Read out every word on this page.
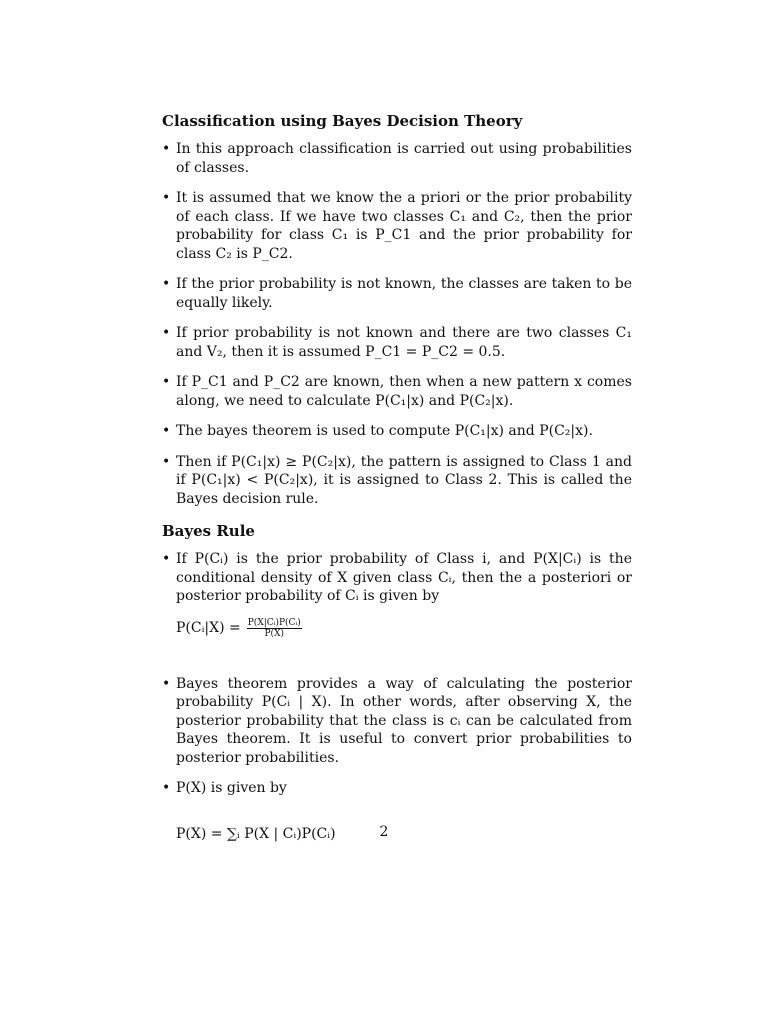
Classification using Bayes Decision Theory
• In this approach classification is carried out using probabilities of classes.
• It is assumed that we know the a priori or the prior probability of each class. If we have two classes C₁ and C₂, then the prior probability for class C₁ is P_C1 and the prior probability for class C₂ is P_C2.
• If the prior probability is not known, the classes are taken to be equally likely.
• If prior probability is not known and there are two classes C₁ and V₂, then it is assumed P_C1 = P_C2 = 0.5.
• If P_C1 and P_C2 are known, then when a new pattern x comes along, we need to calculate P(C₁|x) and P(C₂|x).
• The bayes theorem is used to compute P(C₁|x) and P(C₂|x).
• Then if P(C₁|x) ≥ P(C₂|x), the pattern is assigned to Class 1 and if P(C₁|x) < P(C₂|x), it is assigned to Class 2. This is called the Bayes decision rule.
Bayes Rule
• If P(Cᵢ) is the prior probability of Class i, and P(X|Cᵢ) is the conditional density of X given class Cᵢ, then the a posteriori or posterior probability of Cᵢ is given by
P(Cᵢ|X) = $\frac{\text{P(X|Cᵢ)P(Cᵢ)}}{P(X)}$
• Bayes theorem provides a way of calculating the posterior probability P(Cᵢ | X). In other words, after observing X, the posterior probability that the class is cᵢ can be calculated from Bayes theorem. It is useful to convert prior probabilities to posterior probabilities.
• P(X) is given by
P(X) = ∑ᵢ P(X | Cᵢ)P(Cᵢ)	2
